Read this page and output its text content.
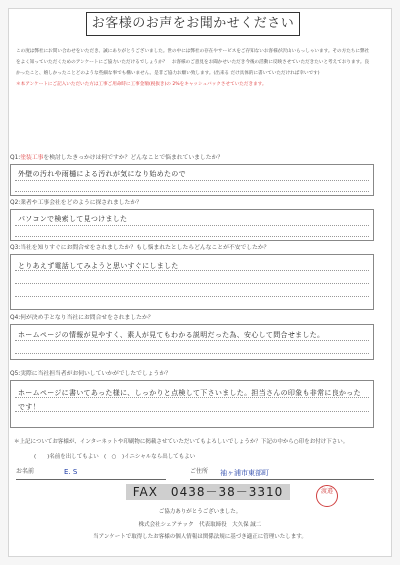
お客様のお声をお聞かせください
この度は弊社にお問い合わせをいただき、誠にありがとうございました。世の中には弊社の存在やサービスをご存知ないお客様が沢山いらっしゃいます。その方たちに弊社をよく知っていただくためのアンケートにご協力いただけるでしょうか？　お客様のご意見をお聞かせいただき今後の活動に反映させていただきたいと考えております。良かったこと、嬉しかったことどのような些細な事でも構いません。是非ご協力お願い致します。(出来る だけ具体的に書いていただければ幸いです)
＊本アンケートにご記入いただいた方は工事ご用命時に工事金額(税抜き)の 2%をキャッシュバックさせていただきます。
Q1:塗装工事を検討したきっかけは何ですか？どんなことで悩まれていましたか？
外壁の汚れや雨樋による汚れが気になり始めたので
Q2:業者や工事会社をどのように探されましたか？
パソコンで検索して見つけました
Q3:当社を知りすぐにお問合せをされましたか？もし悩まれたとしたらどんなことが不安でしたか？
とりあえず電話してみようと思いすぐにしました
Q4:何が決め手となり当社にお問合せをされましたか？
ホームページの情報が見やすく、素人が見てもわかる説明だった為、安心して問合せました。
Q5:実際に当社担当者がお伺いしていかがでしたでしょうか？
ホームページに書いてあった様に、しっかりと点検して下さいました。担当さんの印象も非常に良かったです！
＊上記についてお客様が、インターネットや印刷物に掲載させていただいてもよろしいでしょうか？下記の中から○印をお付け下さい。
(　　)名前を出してもよい (　○　)イニシャルなら出してもよい
お名前	E. S	ご住所 袖ヶ浦市東部町
FAX　0438－38－3310	渡邉
ご協力ありがとうございました。
株式会社シェアテック　代表取締役　大久保 誠二
当アンケートで取得したお客様の個人情報は関係法規に基づき適正に管理いたします。
